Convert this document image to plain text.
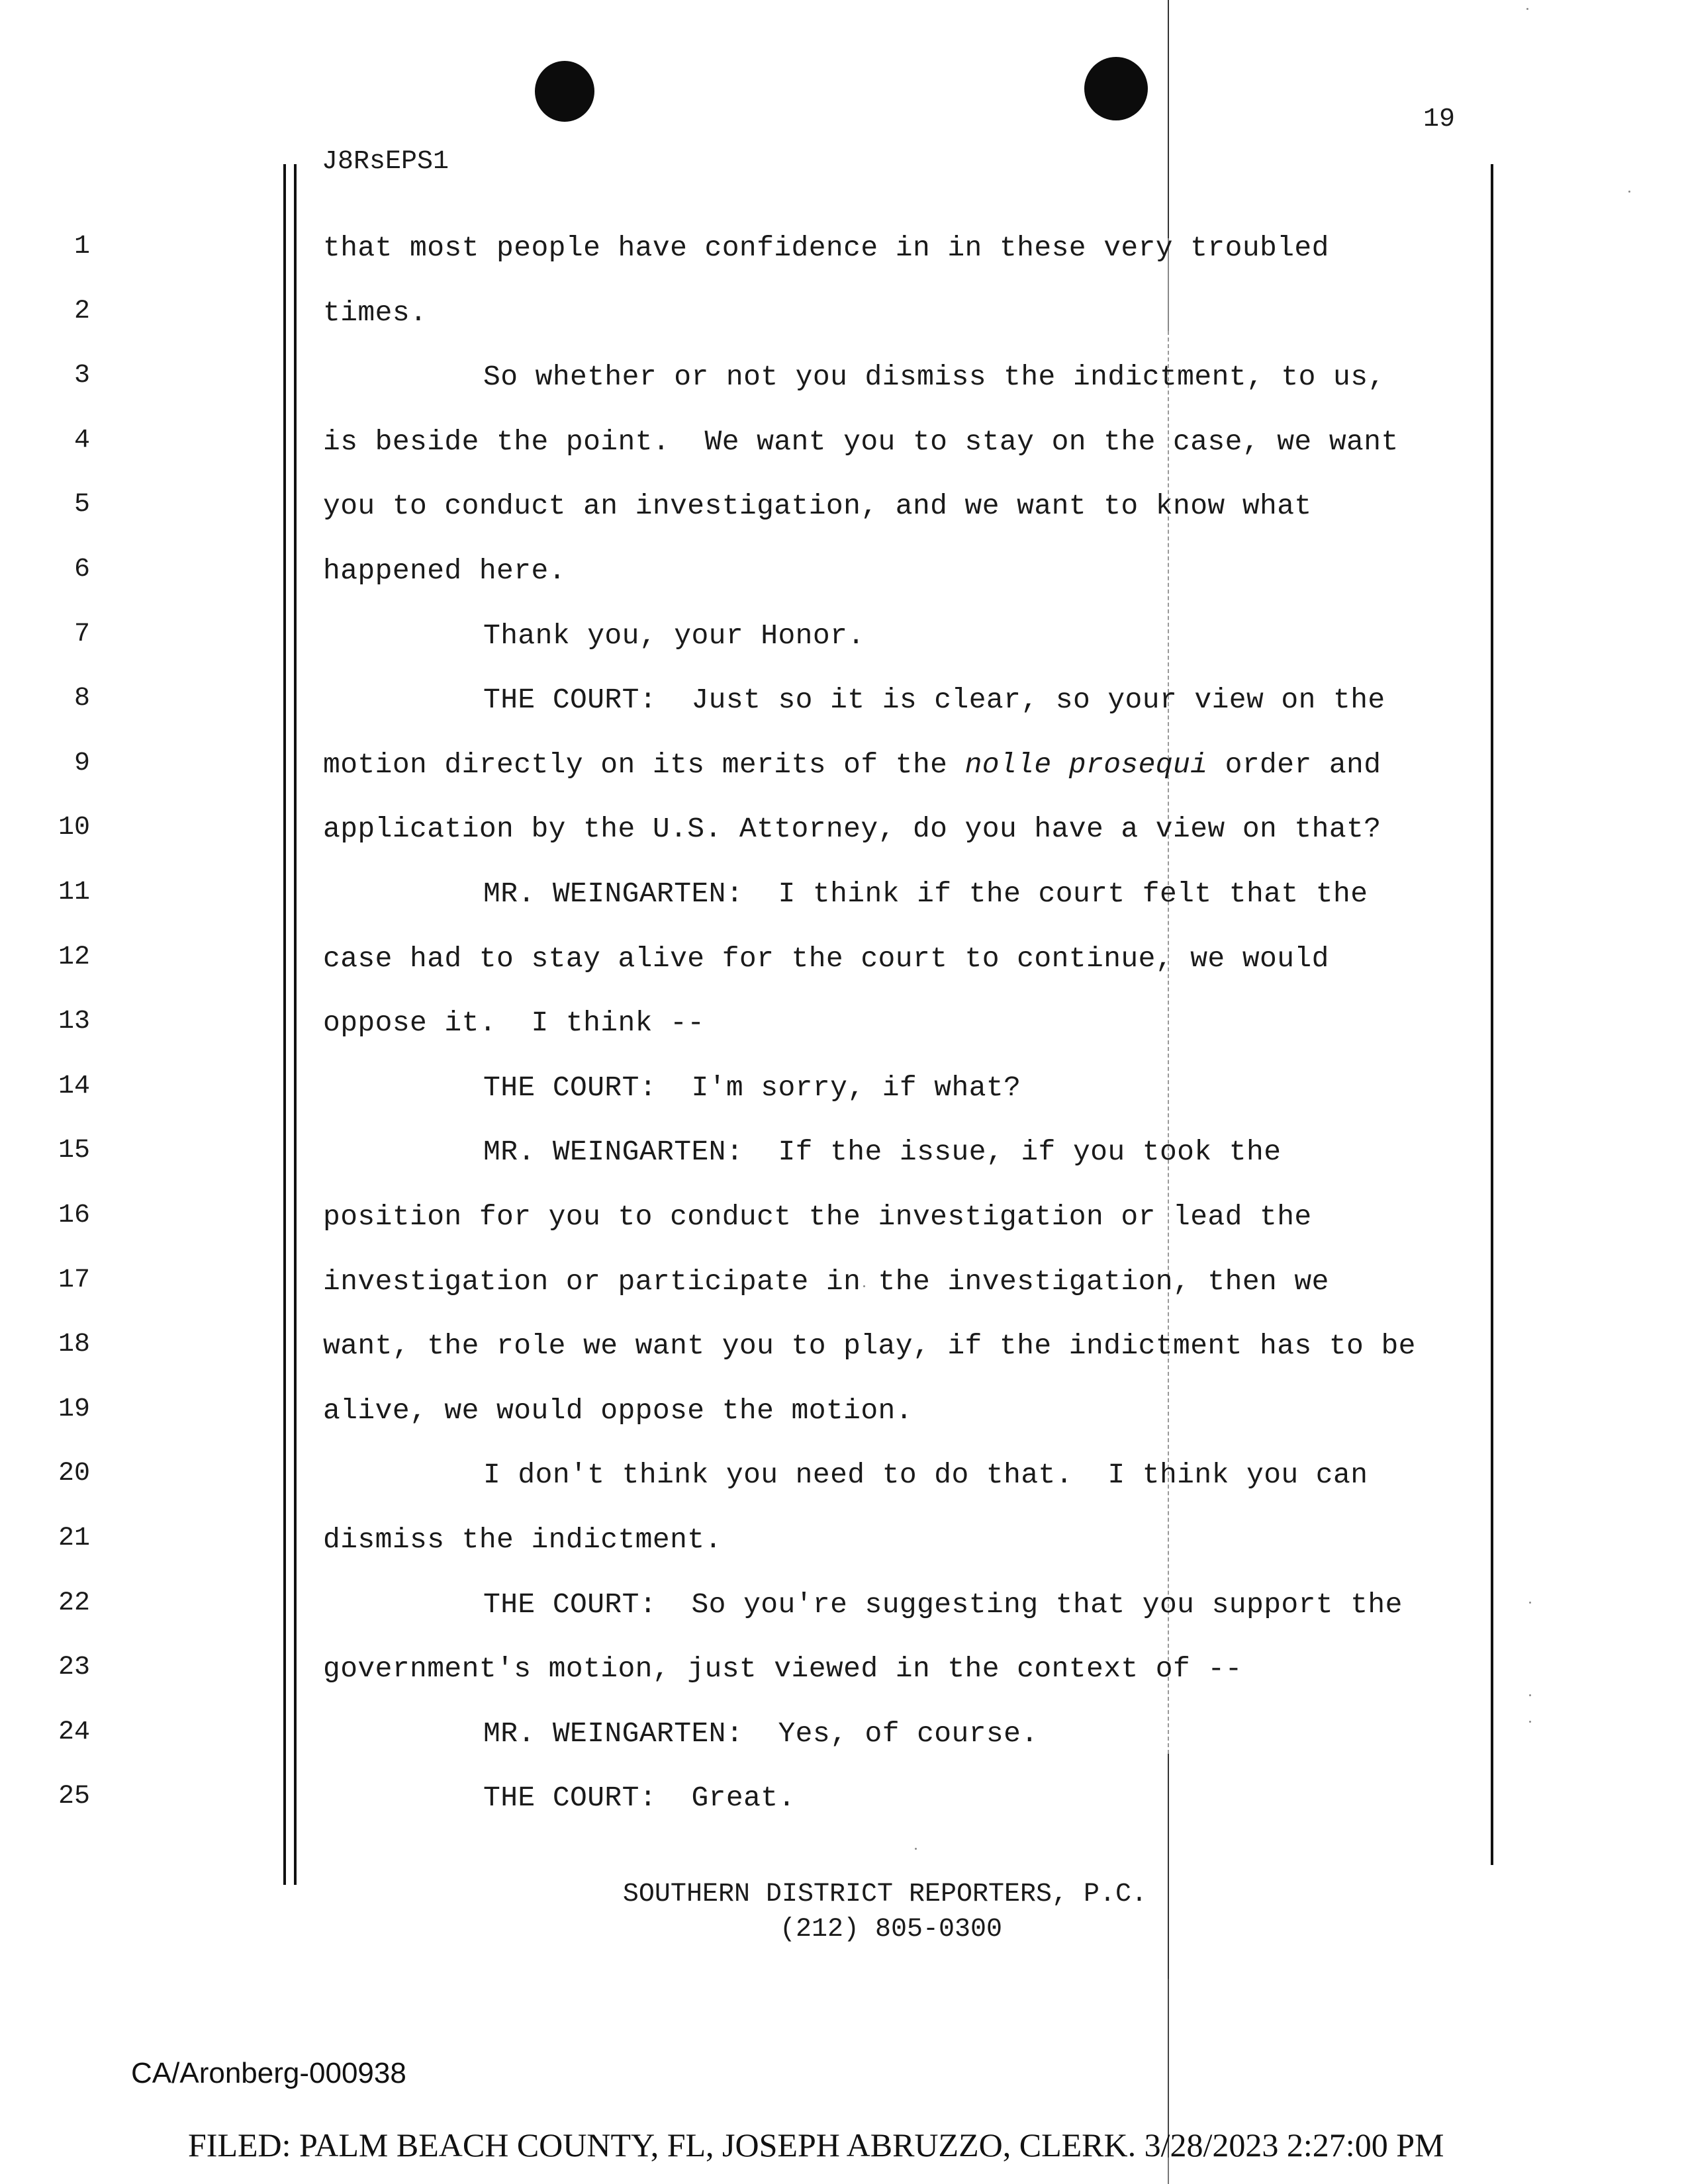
19
J8RsEPS1
1	that most people have confidence in in these very troubled
2	times.
3	So whether or not you dismiss the indictment, to us,
4	is beside the point.  We want you to stay on the case, we want
5	you to conduct an investigation, and we want to know what
6	happened here.
7	Thank you, your Honor.
8	THE COURT:  Just so it is clear, so your view on the
9	motion directly on its merits of the nolle prosequi order and
10	application by the U.S. Attorney, do you have a view on that?
11	MR. WEINGARTEN:  I think if the court felt that the
12	case had to stay alive for the court to continue, we would
13	oppose it.  I think --
14	THE COURT:  I'm sorry, if what?
15	MR. WEINGARTEN:  If the issue, if you took the
16	position for you to conduct the investigation or lead the
17	investigation or participate in the investigation, then we
18	want, the role we want you to play, if the indictment has to be
19	alive, we would oppose the motion.
20	I don't think you need to do that.  I think you can
21	dismiss the indictment.
22	THE COURT:  So you're suggesting that you support the
23	government's motion, just viewed in the context of --
24	MR. WEINGARTEN:  Yes, of course.
25	THE COURT:  Great.
SOUTHERN DISTRICT REPORTERS, P.C.
(212) 805-0300
CA/Aronberg-000938
FILED: PALM BEACH COUNTY, FL, JOSEPH ABRUZZO, CLERK. 3/28/2023 2:27:00 PM
